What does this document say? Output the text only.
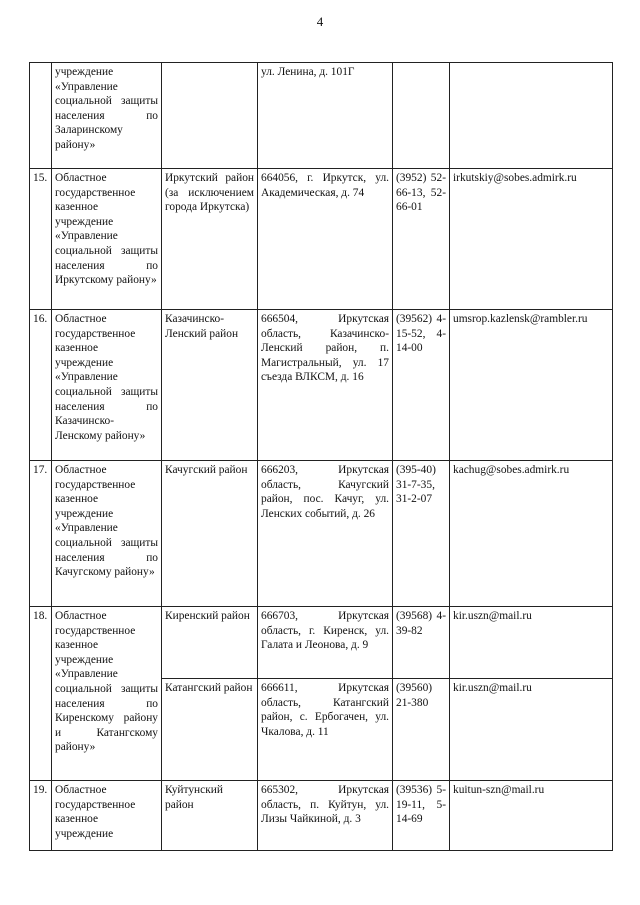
4
	учреждение «Управление социальной защиты населения по Заларинскому району»		ул. Ленина, д. 101Г		
15.	Областное государственное казенное учреждение «Управление социальной защиты населения по Иркутскому району»	Иркутский район (за исключением города Иркутска)	664056, г. Иркутск, ул. Академическая, д. 74	(3952) 52-66-13, 52-66-01	irkutskiy@sobes.admirk.ru
16.	Областное государственное казенное учреждение «Управление социальной защиты населения по Казачинско-Ленскому району»	Казачинско-Ленский район	666504, Иркутская область, Казачинско-Ленский район, п. Магистральный, ул. 17 съезда ВЛКСМ, д. 16	(39562) 4-15-52, 4-14-00	umsrop.kazlensk@rambler.ru
17.	Областное государственное казенное учреждение «Управление социальной защиты населения по Качугскому району»	Качугский район	666203, Иркутская область, Качугский район, пос. Качуг, ул. Ленских событий, д. 26	(395-40) 31-7-35, 31-2-07	kachug@sobes.admirk.ru
18.	Областное государственное казенное учреждение «Управление социальной защиты населения по Киренскому району и Катангскому району»	Киренский район	666703, Иркутская область, г. Киренск, ул. Галата и Леонова, д. 9	(39568) 4-39-82	kir.uszn@mail.ru
		Катангский район	666611, Иркутская область, Катангский район, с. Ербогачен, ул. Чкалова, д. 11	(39560) 21-380	kir.uszn@mail.ru
19.	Областное государственное казенное учреждение	Куйтунский район	665302, Иркутская область, п. Куйтун, ул. Лизы Чайкиной, д. 3	(39536) 5-19-11, 5-14-69	kuitun-szn@mail.ru
